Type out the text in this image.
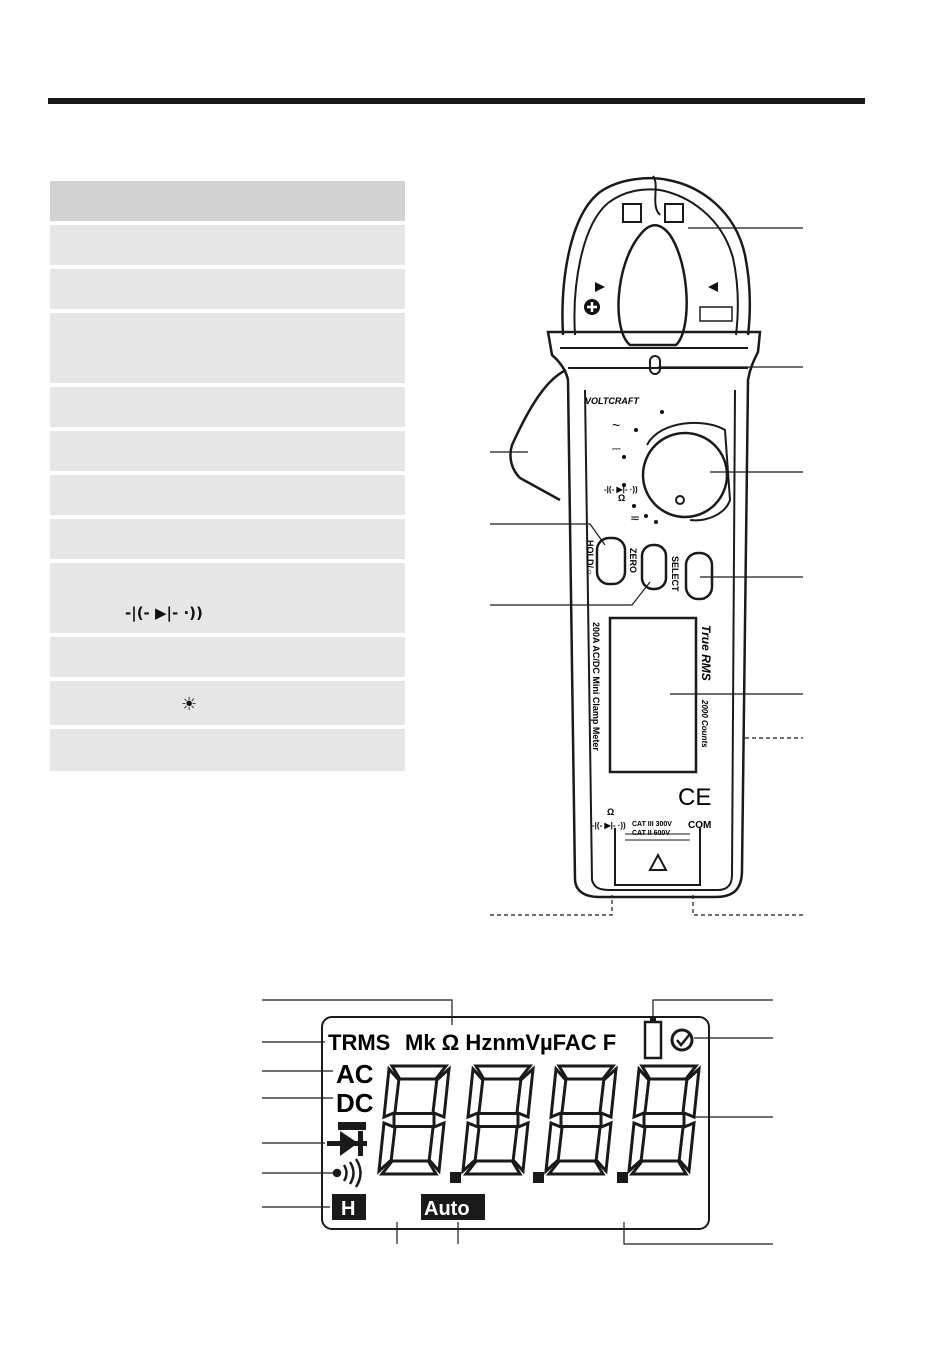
-|(- ▶|- ·))
☀
VOLTCRAFT
~
⎓
-|(- ▶|- ·))
Ω
≂
HOLD/☼	ZERO	SELECT
200A AC/DC Mini Clamp Meter	True RMS
2000 Counts
CE
Ω
-|(- ▶|- ·)) CAT III 300V
CAT II 600V
COM
TRMS Mk Ω HznmVµFAC F
AC
DC
H	Auto
